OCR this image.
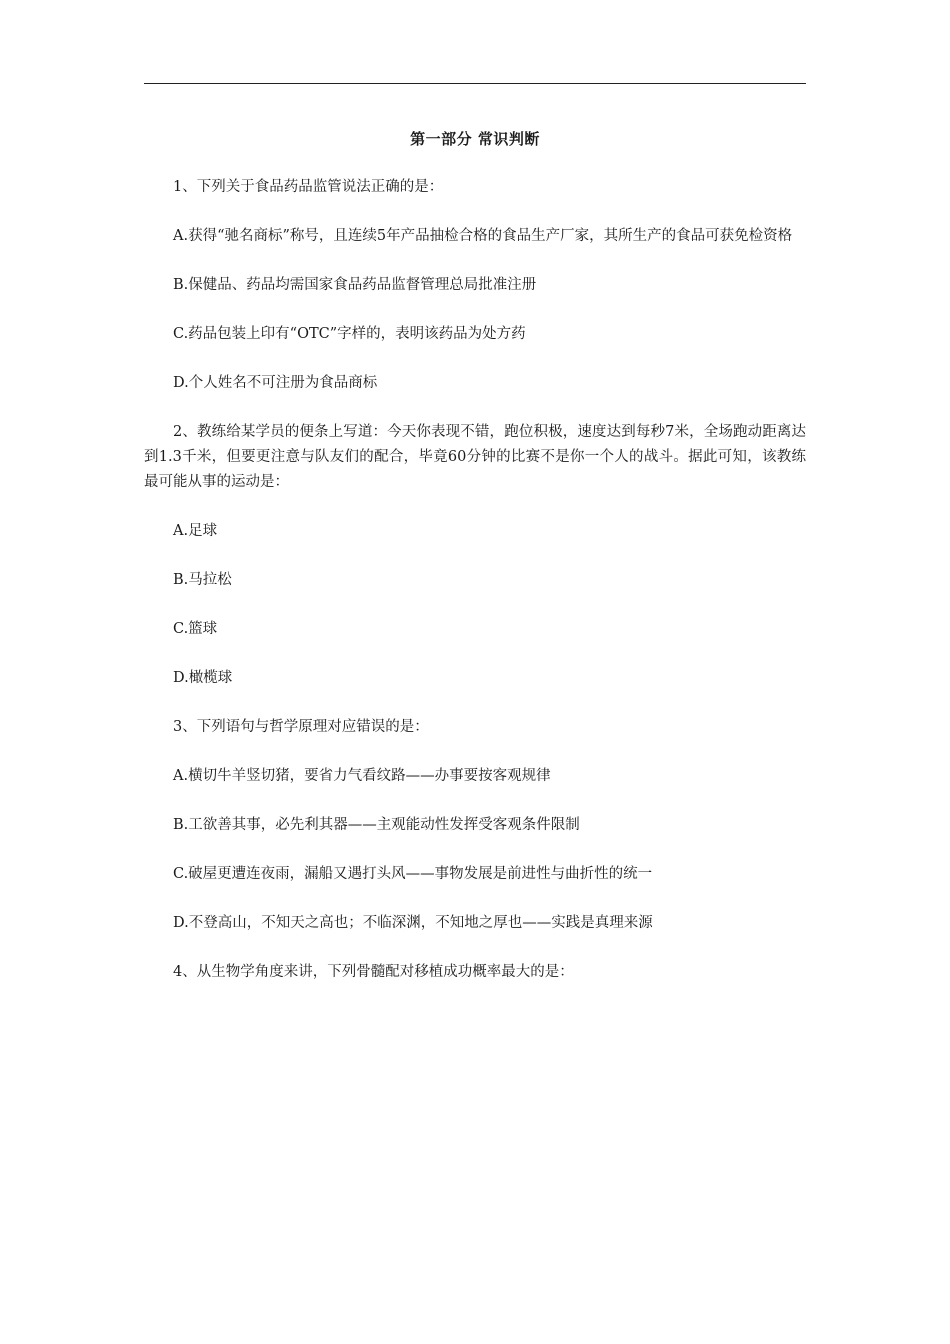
第一部分 常识判断

1、下列关于食品药品监管说法正确的是：

A.获得“驰名商标”称号，且连续5年产品抽检合格的食品生产厂家，其所生产的食品可获免检资格

B.保健品、药品均需国家食品药品监督管理总局批准注册

C.药品包装上印有“OTC”字样的，表明该药品为处方药

D.个人姓名不可注册为食品商标

2、教练给某学员的便条上写道：今天你表现不错，跑位积极，速度达到每秒7米，全场跑动距离达到1.3千米，但要更注意与队友们的配合，毕竟60分钟的比赛不是你一个人的战斗。据此可知，该教练最可能从事的运动是：

A.足球

B.马拉松

C.篮球

D.橄榄球

3、下列语句与哲学原理对应错误的是：

A.横切牛羊竖切猪，要省力气看纹路——办事要按客观规律

B.工欲善其事，必先利其器——主观能动性发挥受客观条件限制

C.破屋更遭连夜雨，漏船又遇打头风——事物发展是前进性与曲折性的统一

D.不登高山，不知天之高也；不临深渊，不知地之厚也——实践是真理来源

4、从生物学角度来讲，下列骨髓配对移植成功概率最大的是：
